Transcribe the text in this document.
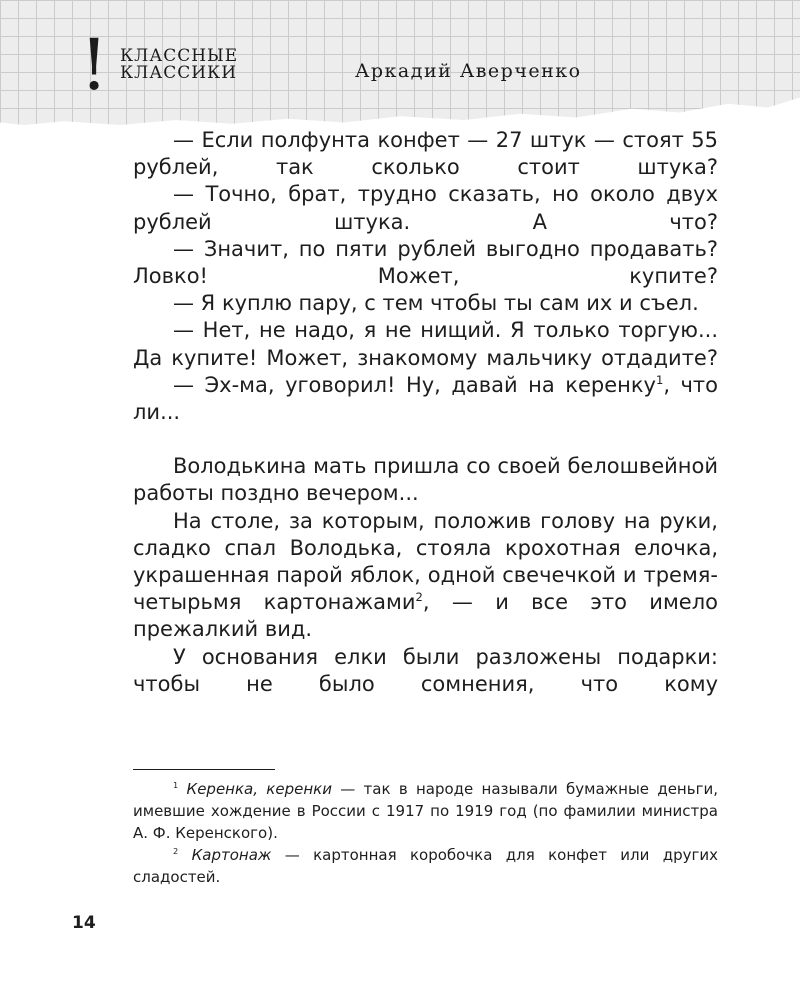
! КЛАССНЫЕ
КЛАССИКИ	Аркадий Аверченко

— Если полфунта конфет — 27 штук — стоят 55 рублей, так сколько стоит штука?

— Точно, брат, трудно сказать, но около двух рублей штука. А что?

— Значит, по пяти рублей выгодно продавать? Ловко! Может, купите?

— Я куплю пару, с тем чтобы ты сам их и съел.

— Нет, не надо, я не нищий. Я только торгую... Да купите! Может, знакомому мальчику отдадите?

— Эх-ма, уговорил! Ну, давай на керенку$^1$, что ли...

Володькина мать пришла со своей белошвейной работы поздно вечером...

На столе, за которым, положив голову на руки, сладко спал Володька, стояла крохотная елочка, украшенная парой яблок, одной свечечкой и тремя-четырьмя картонажами$^2$, — и все это имело прежалкий вид.

У основания елки были разложены подарки: чтобы не было сомнения, что кому

$^1$ Керенка, керенки — так в народе называли бумажные деньги, имевшие хождение в России с 1917 по 1919 год (по фамилии министра А. Ф. Керенского).

$^2$ Картонаж — картонная коробочка для конфет или других сладостей.

14
